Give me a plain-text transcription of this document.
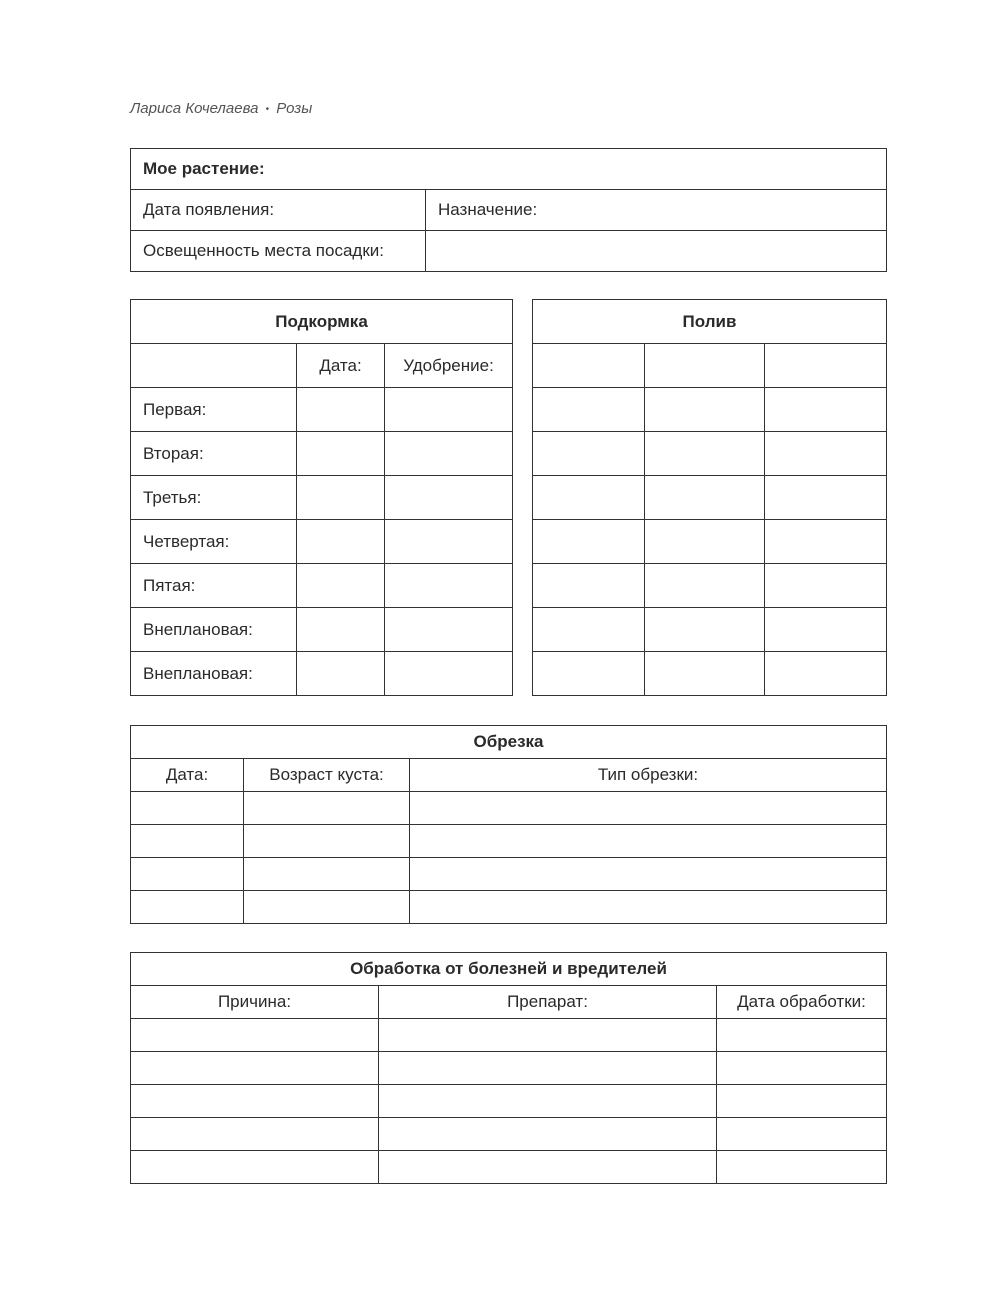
Лариса Кочелаева • Розы
Мое растение:	
Дата появления:	Назначение:
Освещенность места посадки:	
Подкормка		
	Дата:	Удобрение:
Первая:		
Вторая:		
Третья:		
Четвертая:		
Пятая:		
Внеплановая:		
Внеплановая:		
Полив		

Обрезка		
Дата:	Возраст куста:	Тип обрезки:

Обработка от болезней и вредителей		
Причина:	Препарат:	Дата обработки:
